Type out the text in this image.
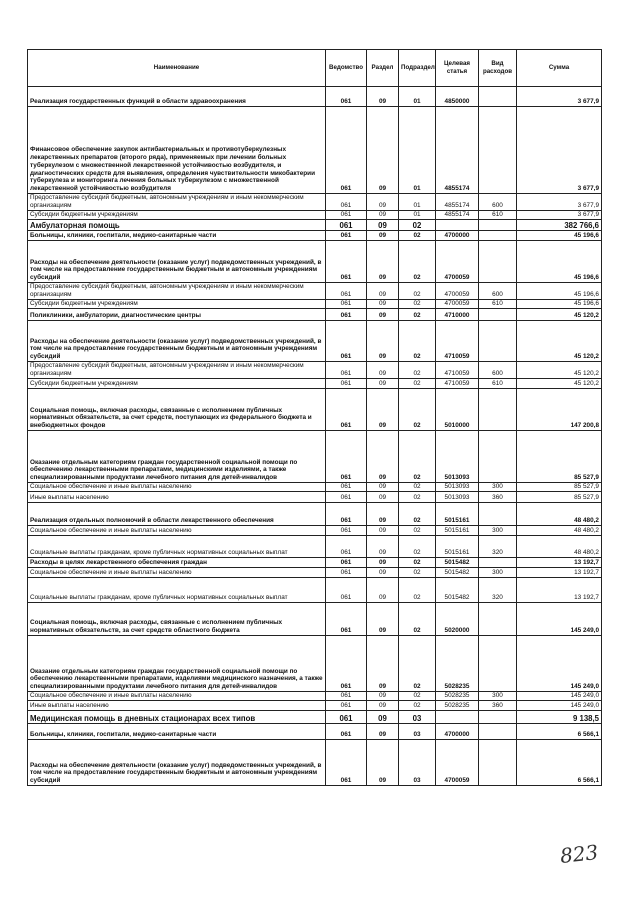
Наименование	Ведомство	Раздел	Подраздел	Целевая статья	Вид расходов	Сумма
Реализация государственных функций в области здравоохранения	061	09	01	4850000		3 677,9
Финансовое обеспечение закупок антибактериальных и противотуберкулезных лекарственных препаратов (второго ряда), применяемых при лечении больных туберкулезом с множественной лекарственной устойчивостью возбудителя, и диагностических средств для выявления, определения чувствительности микобактерии туберкулеза и мониторинга лечения больных туберкулезом с множественной лекарственной устойчивостью возбудителя	061	09	01	4855174		3 677,9
Предоставление субсидий бюджетным, автономным учреждениям и иным некоммерческим организациям	061	09	01	4855174	600	3 677,9
Субсидии бюджетным учреждениям	061	09	01	4855174	610	3 677,9
Амбулаторная помощь	061	09	02			382 766,6
Больницы, клиники, госпитали, медико-санитарные части	061	09	02	4700000		45 196,6
Расходы на обеспечение деятельности (оказание услуг) подведомственных учреждений, в том числе на предоставление государственным бюджетным и автономным учреждениям субсидий	061	09	02	4700059		45 196,6
Предоставление субсидий бюджетным, автономным учреждениям и иным некоммерческим организациям	061	09	02	4700059	600	45 196,6
Субсидии бюджетным учреждениям	061	09	02	4700059	610	45 196,6
Поликлиники, амбулатории, диагностические центры	061	09	02	4710000		45 120,2
Расходы на обеспечение деятельности (оказание услуг) подведомственных учреждений, в том числе на предоставление государственным бюджетным и автономным учреждениям субсидий	061	09	02	4710059		45 120,2
Предоставление субсидий бюджетным, автономным учреждениям и иным некоммерческим организациям	061	09	02	4710059	600	45 120,2
Субсидии бюджетным учреждениям	061	09	02	4710059	610	45 120,2
Социальная помощь, включая расходы, связанные с исполнением публичных нормативных обязательств, за счет средств, поступающих из федерального бюджета и внебюджетных фондов	061	09	02	5010000		147 200,8
Оказание отдельным категориям граждан государственной социальной помощи по обеспечению лекарственными препаратами, медицинскими изделиями, а также специализированными продуктами лечебного питания для детей-инвалидов	061	09	02	5013093		85 527,9
Социальное обеспечение и иные выплаты населению	061	09	02	5013093	300	85 527,9
Иные выплаты населению	061	09	02	5013093	360	85 527,9
Реализация отдельных полномочий в области лекарственного обеспечения	061	09	02	5015161		48 480,2
Социальное обеспечение и иные выплаты населению	061	09	02	5015161	300	48 480,2
Социальные выплаты гражданам, кроме публичных нормативных социальных выплат	061	09	02	5015161	320	48 480,2
Расходы в целях лекарственного обеспечения граждан	061	09	02	5015482		13 192,7
Социальное обеспечение и иные выплаты населению	061	09	02	5015482	300	13 192,7
Социальные выплаты гражданам, кроме публичных нормативных социальных выплат	061	09	02	5015482	320	13 192,7
Социальная помощь, включая расходы, связанные с исполнением публичных нормативных обязательств, за счет средств областного бюджета	061	09	02	5020000		145 249,0
Оказание отдельным категориям граждан государственной социальной помощи по обеспечению лекарственными препаратами, изделиями медицинского назначения, а также специализированными продуктами лечебного питания для детей-инвалидов	061	09	02	5028235		145 249,0
Социальное обеспечение и иные выплаты населению	061	09	02	5028235	300	145 249,0
Иные выплаты населению	061	09	02	5028235	360	145 249,0
Медицинская помощь в дневных стационарах всех типов	061	09	03			9 138,5
Больницы, клиники, госпитали, медико-санитарные части	061	09	03	4700000		6 566,1
Расходы на обеспечение деятельности (оказание услуг) подведомственных учреждений, в том числе на предоставление государственным бюджетным и автономным учреждениям субсидий	061	09	03	4700059		6 566,1
823
